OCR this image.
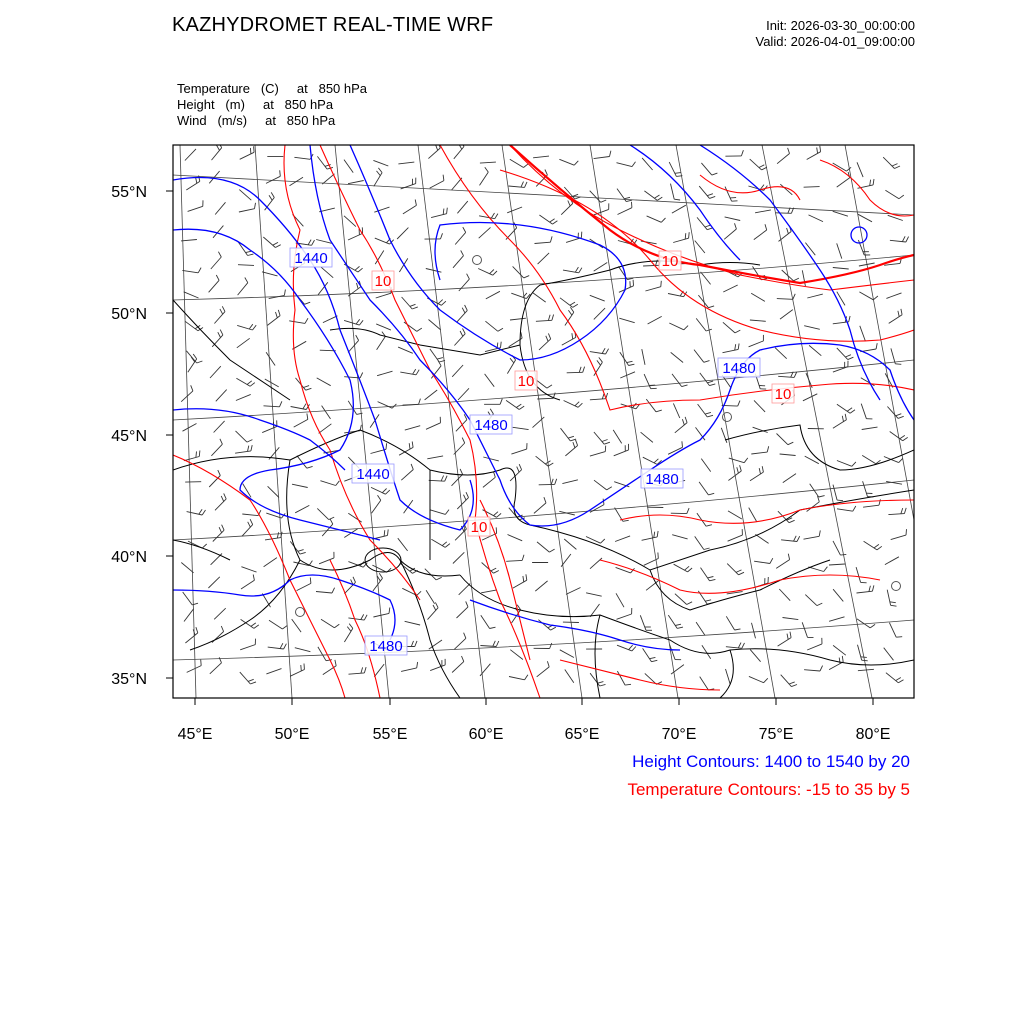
KAZHYDROMET REAL-TIME WRF	Init: 2026-03-30_00:00:00
Valid: 2026-04-01_09:00:00
Temperature   (C)     at   850 hPa
Height   (m)     at   850 hPa
Wind   (m/s)     at   850 hPa
1440
1440
1480
1480
1480
1480
10
10
10
10
10
55°N
50°N
45°N
40°N
35°N
45°E	50°E	55°E	60°E	65°E	70°E	75°E	80°E
Height Contours: 1400 to 1540 by 20
Temperature Contours: -15 to 35 by 5
